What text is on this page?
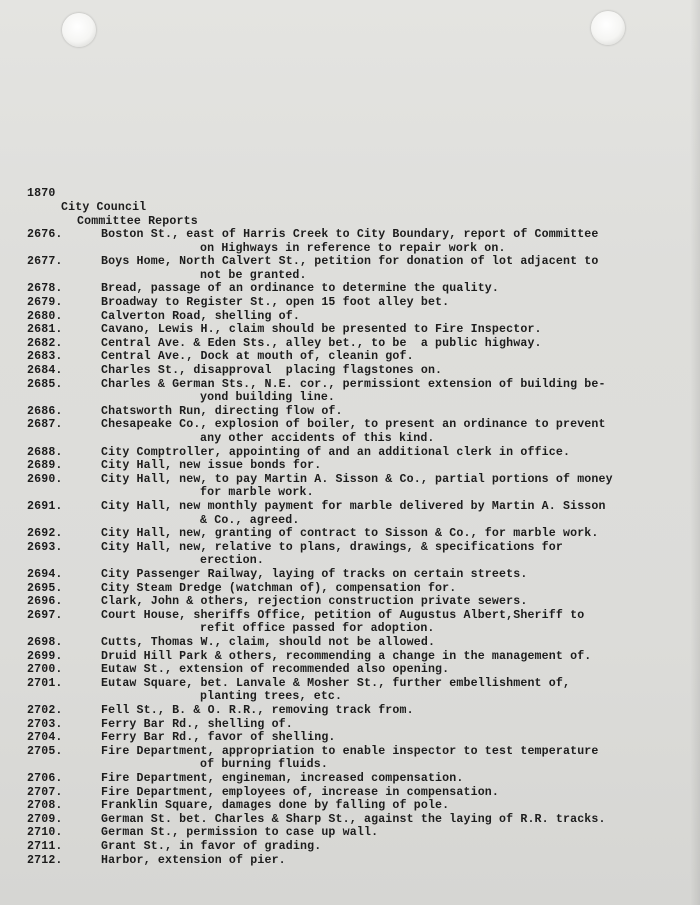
1870
City Council
Committee Reports
2676.	Boston St., east of Harris Creek to City Boundary, report of Committee
on Highways in reference to repair work on.
2677.	Boys Home, North Calvert St., petition for donation of lot adjacent to
not be granted.
2678.	Bread, passage of an ordinance to determine the quality.
2679.	Broadway to Register St., open 15 foot alley bet.
2680.	Calverton Road, shelling of.
2681.	Cavano, Lewis H., claim should be presented to Fire Inspector.
2682.	Central Ave. & Eden Sts., alley bet., to be  a public highway.
2683.	Central Ave., Dock at mouth of, cleanin gof.
2684.	Charles St., disapproval  placing flagstones on.
2685.	Charles & German Sts., N.E. cor., permissiont extension of building be-
yond building line.
2686.	Chatsworth Run, directing flow of.
2687.	Chesapeake Co., explosion of boiler, to present an ordinance to prevent
any other accidents of this kind.
2688.	City Comptroller, appointing of and an additional clerk in office.
2689.	City Hall, new issue bonds for.
2690.	City Hall, new, to pay Martin A. Sisson & Co., partial portions of money
for marble work.
2691.	City Hall, new monthly payment for marble delivered by Martin A. Sisson
& Co., agreed.
2692.	City Hall, new, granting of contract to Sisson & Co., for marble work.
2693.	City Hall, new, relative to plans, drawings, & specifications for
erection.
2694.	City Passenger Railway, laying of tracks on certain streets.
2695.	City Steam Dredge (watchman of), compensation for.
2696.	Clark, John & others, rejection construction private sewers.
2697.	Court House, sheriffs Office, petition of Augustus Albert,Sheriff to
refit office passed for adoption.
2698.	Cutts, Thomas W., claim, should not be allowed.
2699.	Druid Hill Park & others, recommending a change in the management of.
2700.	Eutaw St., extension of recommended also opening.
2701.	Eutaw Square, bet. Lanvale & Mosher St., further embellishment of,
planting trees, etc.
2702.	Fell St., B. & O. R.R., removing track from.
2703.	Ferry Bar Rd., shelling of.
2704.	Ferry Bar Rd., favor of shelling.
2705.	Fire Department, appropriation to enable inspector to test temperature
of burning fluids.
2706.	Fire Department, engineman, increased compensation.
2707.	Fire Department, employees of, increase in compensation.
2708.	Franklin Square, damages done by falling of pole.
2709.	German St. bet. Charles & Sharp St., against the laying of R.R. tracks.
2710.	German St., permission to case up wall.
2711.	Grant St., in favor of grading.
2712.	Harbor, extension of pier.
